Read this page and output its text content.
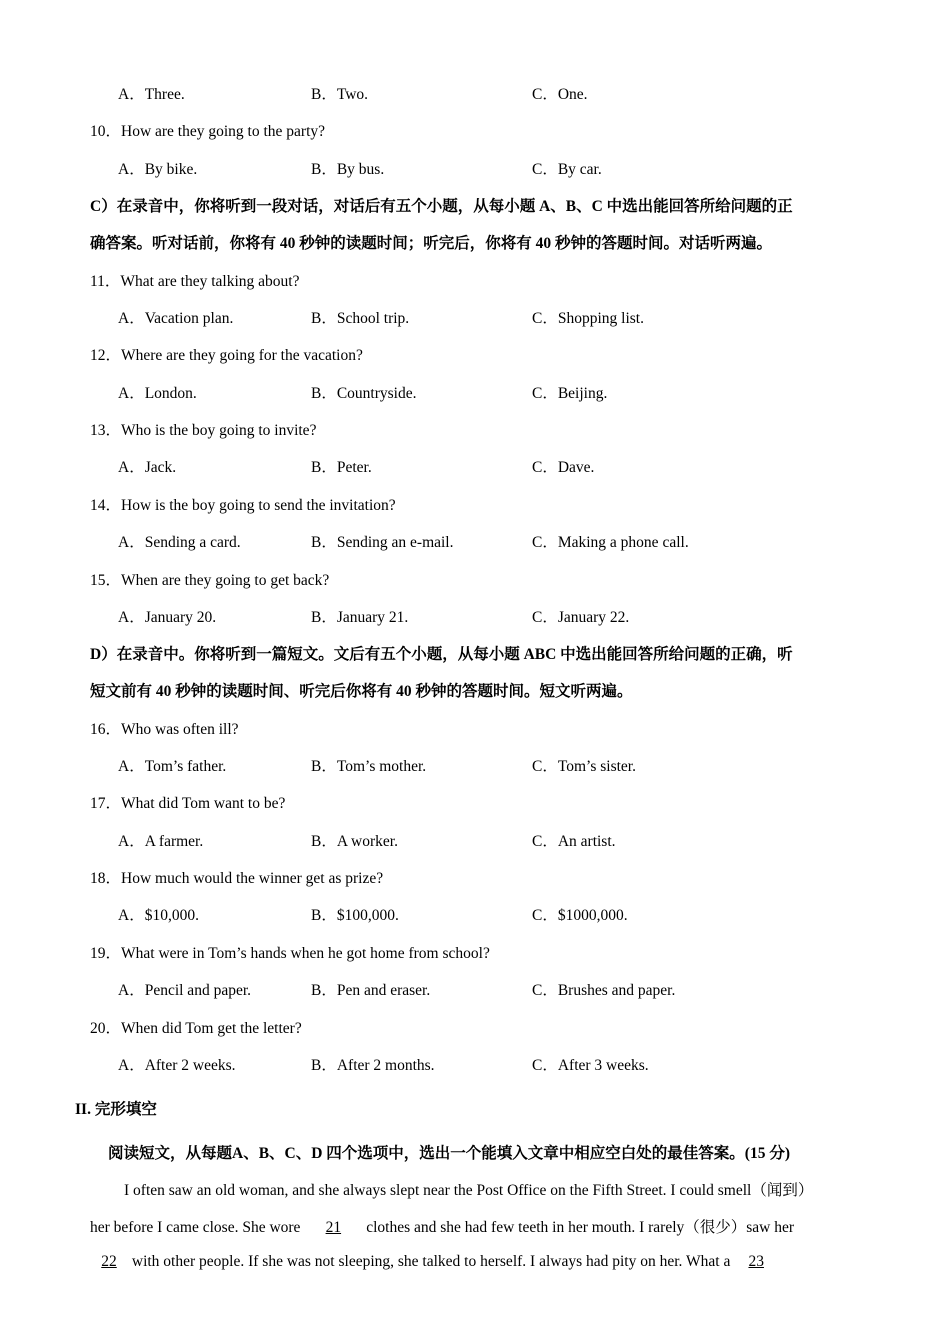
A．Three.	B．Two.	C．One.
10．How are they going to the party?
A．By bike.	B．By bus.	C．By car.
C）在录音中，你将听到一段对话，对话后有五个小题，从每小题 A、B、C 中选出能回答所给问题的正
确答案。听对话前，你将有 40 秒钟的读题时间；听完后，你将有 40 秒钟的答题时间。对话听两遍。
11．What are they talking about?
A．Vacation plan.	B．School trip.	C．Shopping list.
12．Where are they going for the vacation?
A．London.	B．Countryside.	C．Beijing.
13．Who is the boy going to invite?
A．Jack.	B．Peter.	C．Dave.
14．How is the boy going to send the invitation?
A．Sending a card.	B．Sending an e-mail.	C．Making a phone call.
15．When are they going to get back?
A．January 20.	B．January 21.	C．January 22.
D）在录音中。你将听到一篇短文。文后有五个小题，从每小题 ABC 中选出能回答所给问题的正确，听
短文前有 40 秒钟的读题时间、听完后你将有 40 秒钟的答题时间。短文听两遍。
16．Who was often ill?
A．Tom’s father.	B．Tom’s mother.	C．Tom’s sister.
17．What did Tom want to be?
A．A farmer.	B．A worker.	C．An artist.
18．How much would the winner get as prize?
A．$10,000.	B．$100,000.	C．$1000,000.
19．What were in Tom’s hands when he got home from school?
A．Pencil and paper.	B．Pen and eraser.	C．Brushes and paper.
20．When did Tom get the letter?
A．After 2 weeks.	B．After 2 months.	C．After 3 weeks.
II. 完形填空
阅读短文，从每题A、B、C、D 四个选项中，选出一个能填入文章中相应空白处的最佳答案。(15 分)
I often saw an old woman, and she always slept near the Post Office on the Fifth Street. I could smell（闻到）
her before I came close. She wore 21 clothes and she had few teeth in her mouth. I rarely（很少）saw her
22 with other people. If she was not sleeping, she talked to herself. I always had pity on her. What a 23
